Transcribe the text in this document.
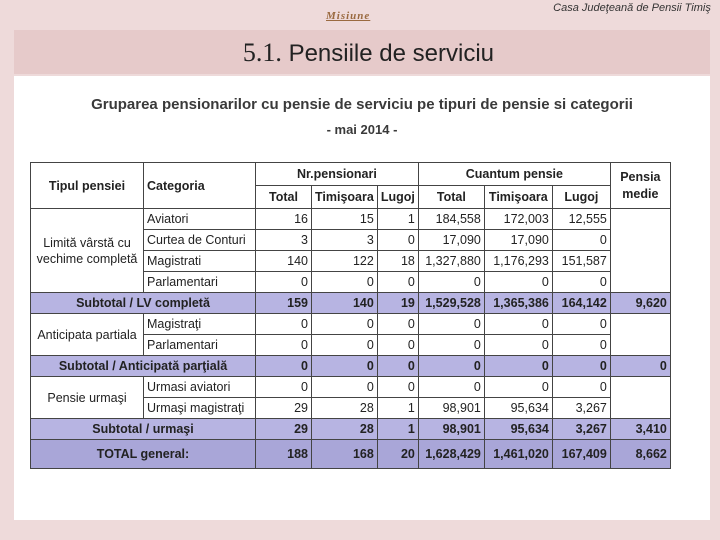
Misiune
Casa Judeţeană de Pensii Timiş
5.1. Pensiile de serviciu
Gruparea pensionarilor cu pensie de serviciu pe tipuri de pensie si categorii
- mai 2014 -
Tipul pensiei	Categoria	Nr.pensionari			Cuantum pensie			Pensia medie
		Total	Timişoara	Lugoj	Total	Timişoara	Lugoj	
Limită vârstă cu vechime completă	Aviatori	16	15	1	184,558	172,003	12,555	
	Curtea de Conturi	3	3	0	17,090	17,090	0	
	Magistrati	140	122	18	1,327,880	1,176,293	151,587	
	Parlamentari	0	0	0	0	0	0	
Subtotal / LV completă		159	140	19	1,529,528	1,365,386	164,142	9,620
Anticipata partiala	Magistraţi	0	0	0	0	0	0	
	Parlamentari	0	0	0	0	0	0	
Subtotal / Anticipată parţială		0	0	0	0	0	0	0
Pensie urmaşi	Urmasi aviatori	0	0	0	0	0	0	
	Urmaşi magistraţi	29	28	1	98,901	95,634	3,267	
Subtotal / urmaşi		29	28	1	98,901	95,634	3,267	3,410
TOTAL general:		188	168	20	1,628,429	1,461,020	167,409	8,662
